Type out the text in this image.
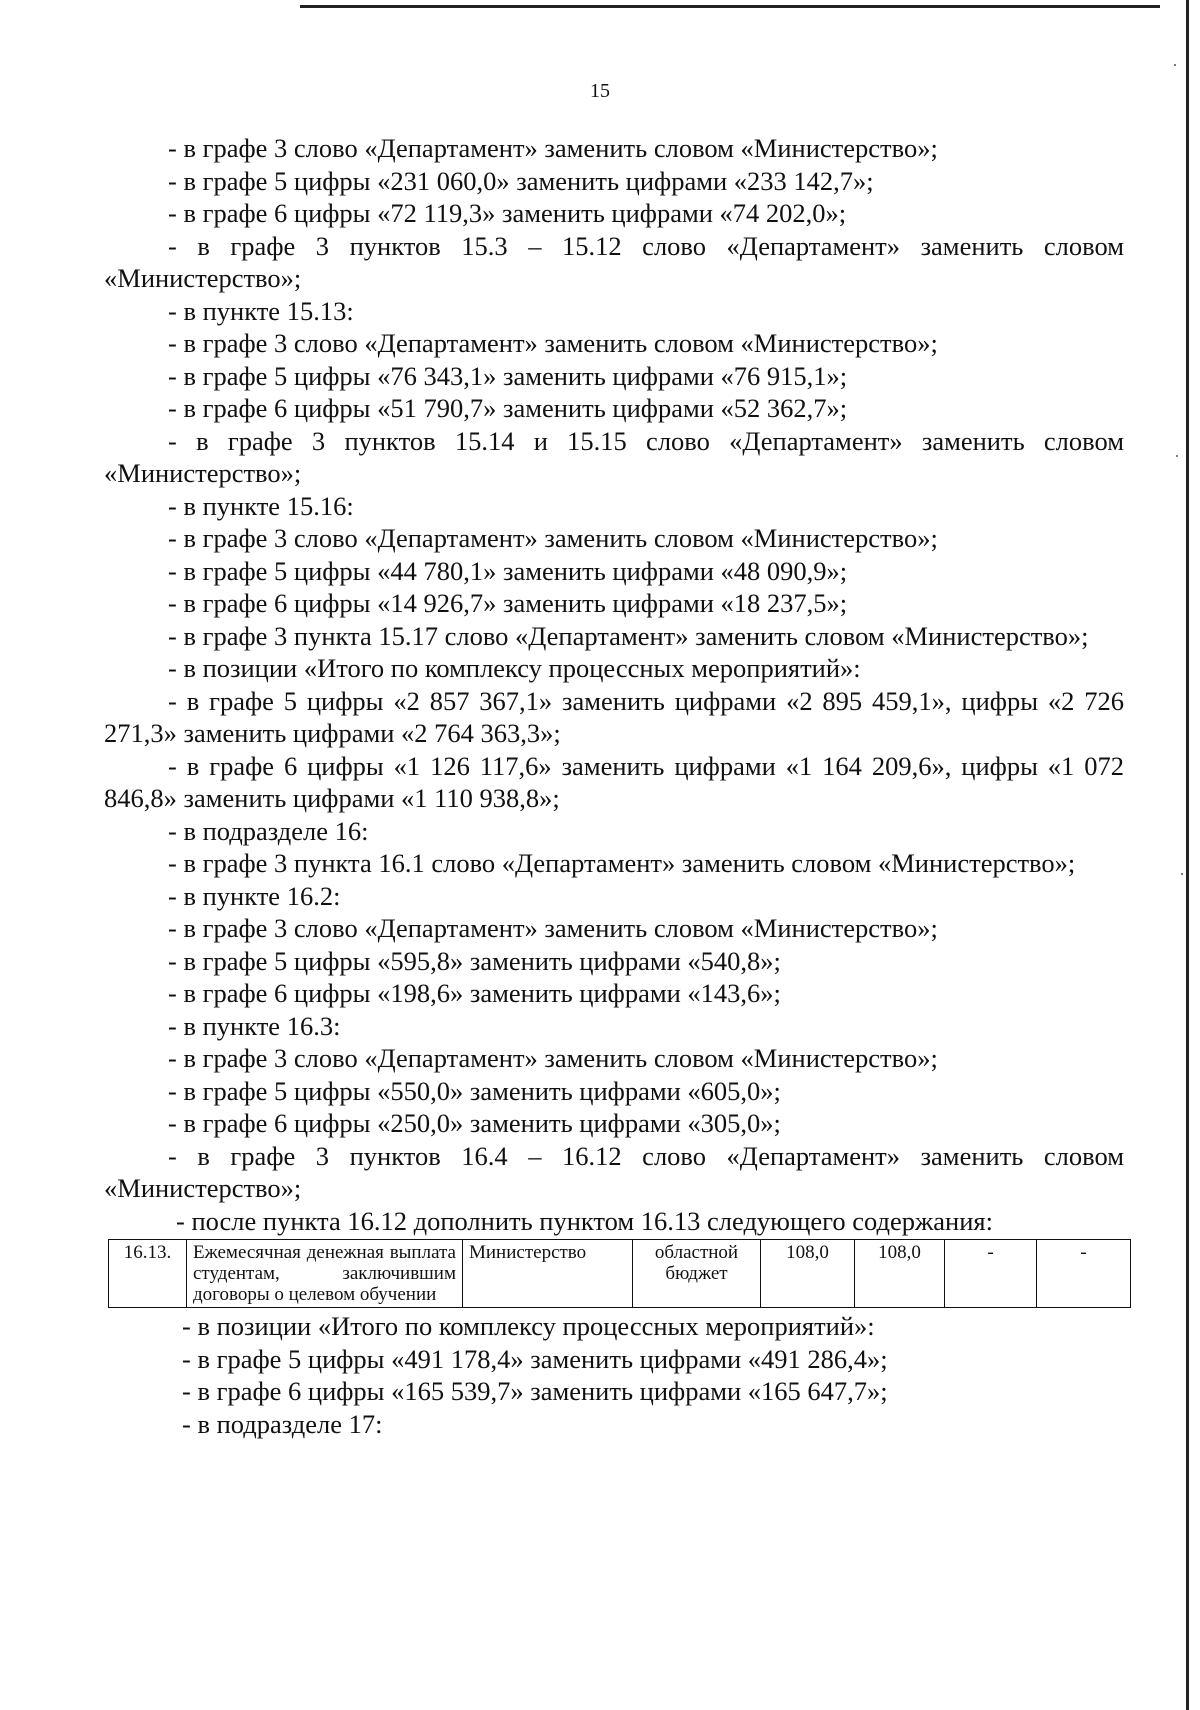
15
- в графе 3 слово «Департамент» заменить словом «Министерство»;
- в графе 5 цифры «231 060,0» заменить цифрами «233 142,7»;
- в графе 6 цифры «72 119,3» заменить цифрами «74 202,0»;
- в графе 3 пунктов 15.3 – 15.12 слово «Департамент» заменить словом «Министерство»;
- в пункте 15.13:
- в графе 3 слово «Департамент» заменить словом «Министерство»;
- в графе 5 цифры «76 343,1» заменить цифрами «76 915,1»;
- в графе 6 цифры «51 790,7» заменить цифрами «52 362,7»;
- в графе 3 пунктов 15.14 и 15.15 слово «Департамент» заменить словом «Министерство»;
- в пункте 15.16:
- в графе 3 слово «Департамент» заменить словом «Министерство»;
- в графе 5 цифры «44 780,1» заменить цифрами «48 090,9»;
- в графе 6 цифры «14 926,7» заменить цифрами «18 237,5»;
- в графе 3 пункта 15.17 слово «Департамент» заменить словом «Министерство»;
- в позиции «Итого по комплексу процессных мероприятий»:
- в графе 5 цифры «2 857 367,1» заменить цифрами «2 895 459,1», цифры «2 726 271,3» заменить цифрами «2 764 363,3»;
- в графе 6 цифры «1 126 117,6» заменить цифрами «1 164 209,6», цифры «1 072 846,8» заменить цифрами «1 110 938,8»;
- в подразделе 16:
- в графе 3 пункта 16.1 слово «Департамент» заменить словом «Министерство»;
- в пункте 16.2:
- в графе 3 слово «Департамент» заменить словом «Министерство»;
- в графе 5 цифры «595,8» заменить цифрами «540,8»;
- в графе 6 цифры «198,6» заменить цифрами «143,6»;
- в пункте 16.3:
- в графе 3 слово «Департамент» заменить словом «Министерство»;
- в графе 5 цифры «550,0» заменить цифрами «605,0»;
- в графе 6 цифры «250,0» заменить цифрами «305,0»;
- в графе 3 пунктов 16.4 – 16.12 слово «Департамент» заменить словом «Министерство»;
- после пункта 16.12 дополнить пунктом 16.13 следующего содержания:
16.13.	Ежемесячная денежная выплата студентам, заключившим договоры о целевом обучении	Министерство	областной бюджет	108,0	108,0	-	-
- в позиции «Итого по комплексу процессных мероприятий»:
- в графе 5 цифры «491 178,4» заменить цифрами «491 286,4»;
- в графе 6 цифры «165 539,7» заменить цифрами «165 647,7»;
- в подразделе 17:
